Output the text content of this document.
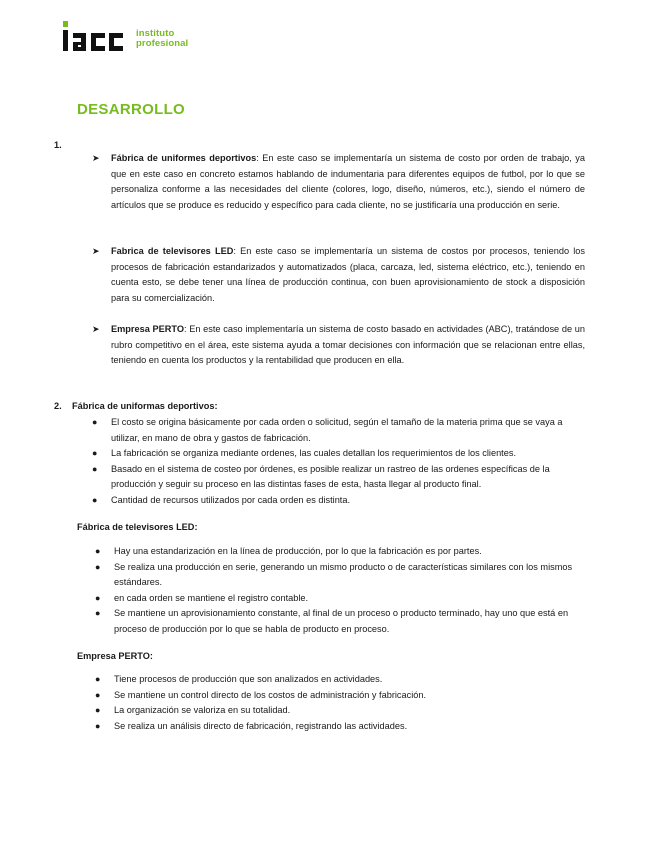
instituto
profesional
DESARROLLO
1.
➤ Fábrica de uniformes deportivos: En este caso se implementaría un sistema de costo por orden de trabajo, ya que en este caso en concreto estamos hablando de indumentaria para diferentes equipos de futbol, por lo que se personaliza conforme a las necesidades del cliente (colores, logo, diseño, números, etc.), siendo el número de artículos que se produce es reducido y específico para cada cliente, no se justificaría una producción en serie.
➤ Fabrica de televisores LED: En este caso se implementaría un sistema de costos por procesos, teniendo los procesos de fabricación estandarizados y automatizados (placa, carcaza, led, sistema eléctrico, etc.), teniendo en cuenta esto, se debe tener una línea de producción continua, con buen aprovisionamiento de stock a disposición para su comercialización.
➤ Empresa PERTO: En este caso implementaría un sistema de costo basado en actividades (ABC), tratándose de un rubro competitivo en el área, este sistema ayuda a tomar decisiones con información que se relacionan entre ellas, teniendo en cuenta los productos y la rentabilidad que producen en ella.
2. Fábrica de uniformas deportivos:
● El costo se origina básicamente por cada orden o solicitud, según el tamaño de la materia prima que se vaya a utilizar, en mano de obra y gastos de fabricación.
● La fabricación se organiza mediante ordenes, las cuales detallan los requerimientos de los clientes.
● Basado en el sistema de costeo por órdenes, es posible realizar un rastreo de las ordenes específicas de la producción y seguir su proceso en las distintas fases de esta, hasta llegar al producto final.
● Cantidad de recursos utilizados por cada orden es distinta.
Fábrica de televisores LED:
● Hay una estandarización en la línea de producción, por lo que la fabricación es por partes.
● Se realiza una producción en serie, generando un mismo producto o de características similares con los mismos estándares.
● en cada orden se mantiene el registro contable.
● Se mantiene un aprovisionamiento constante, al final de un proceso o producto terminado, hay uno que está en proceso de producción por lo que se habla de producto en proceso.
Empresa PERTO:
● Tiene procesos de producción que son analizados en actividades.
● Se mantiene un control directo de los costos de administración y fabricación.
● La organización se valoriza en su totalidad.
● Se realiza un análisis directo de fabricación, registrando las actividades.
